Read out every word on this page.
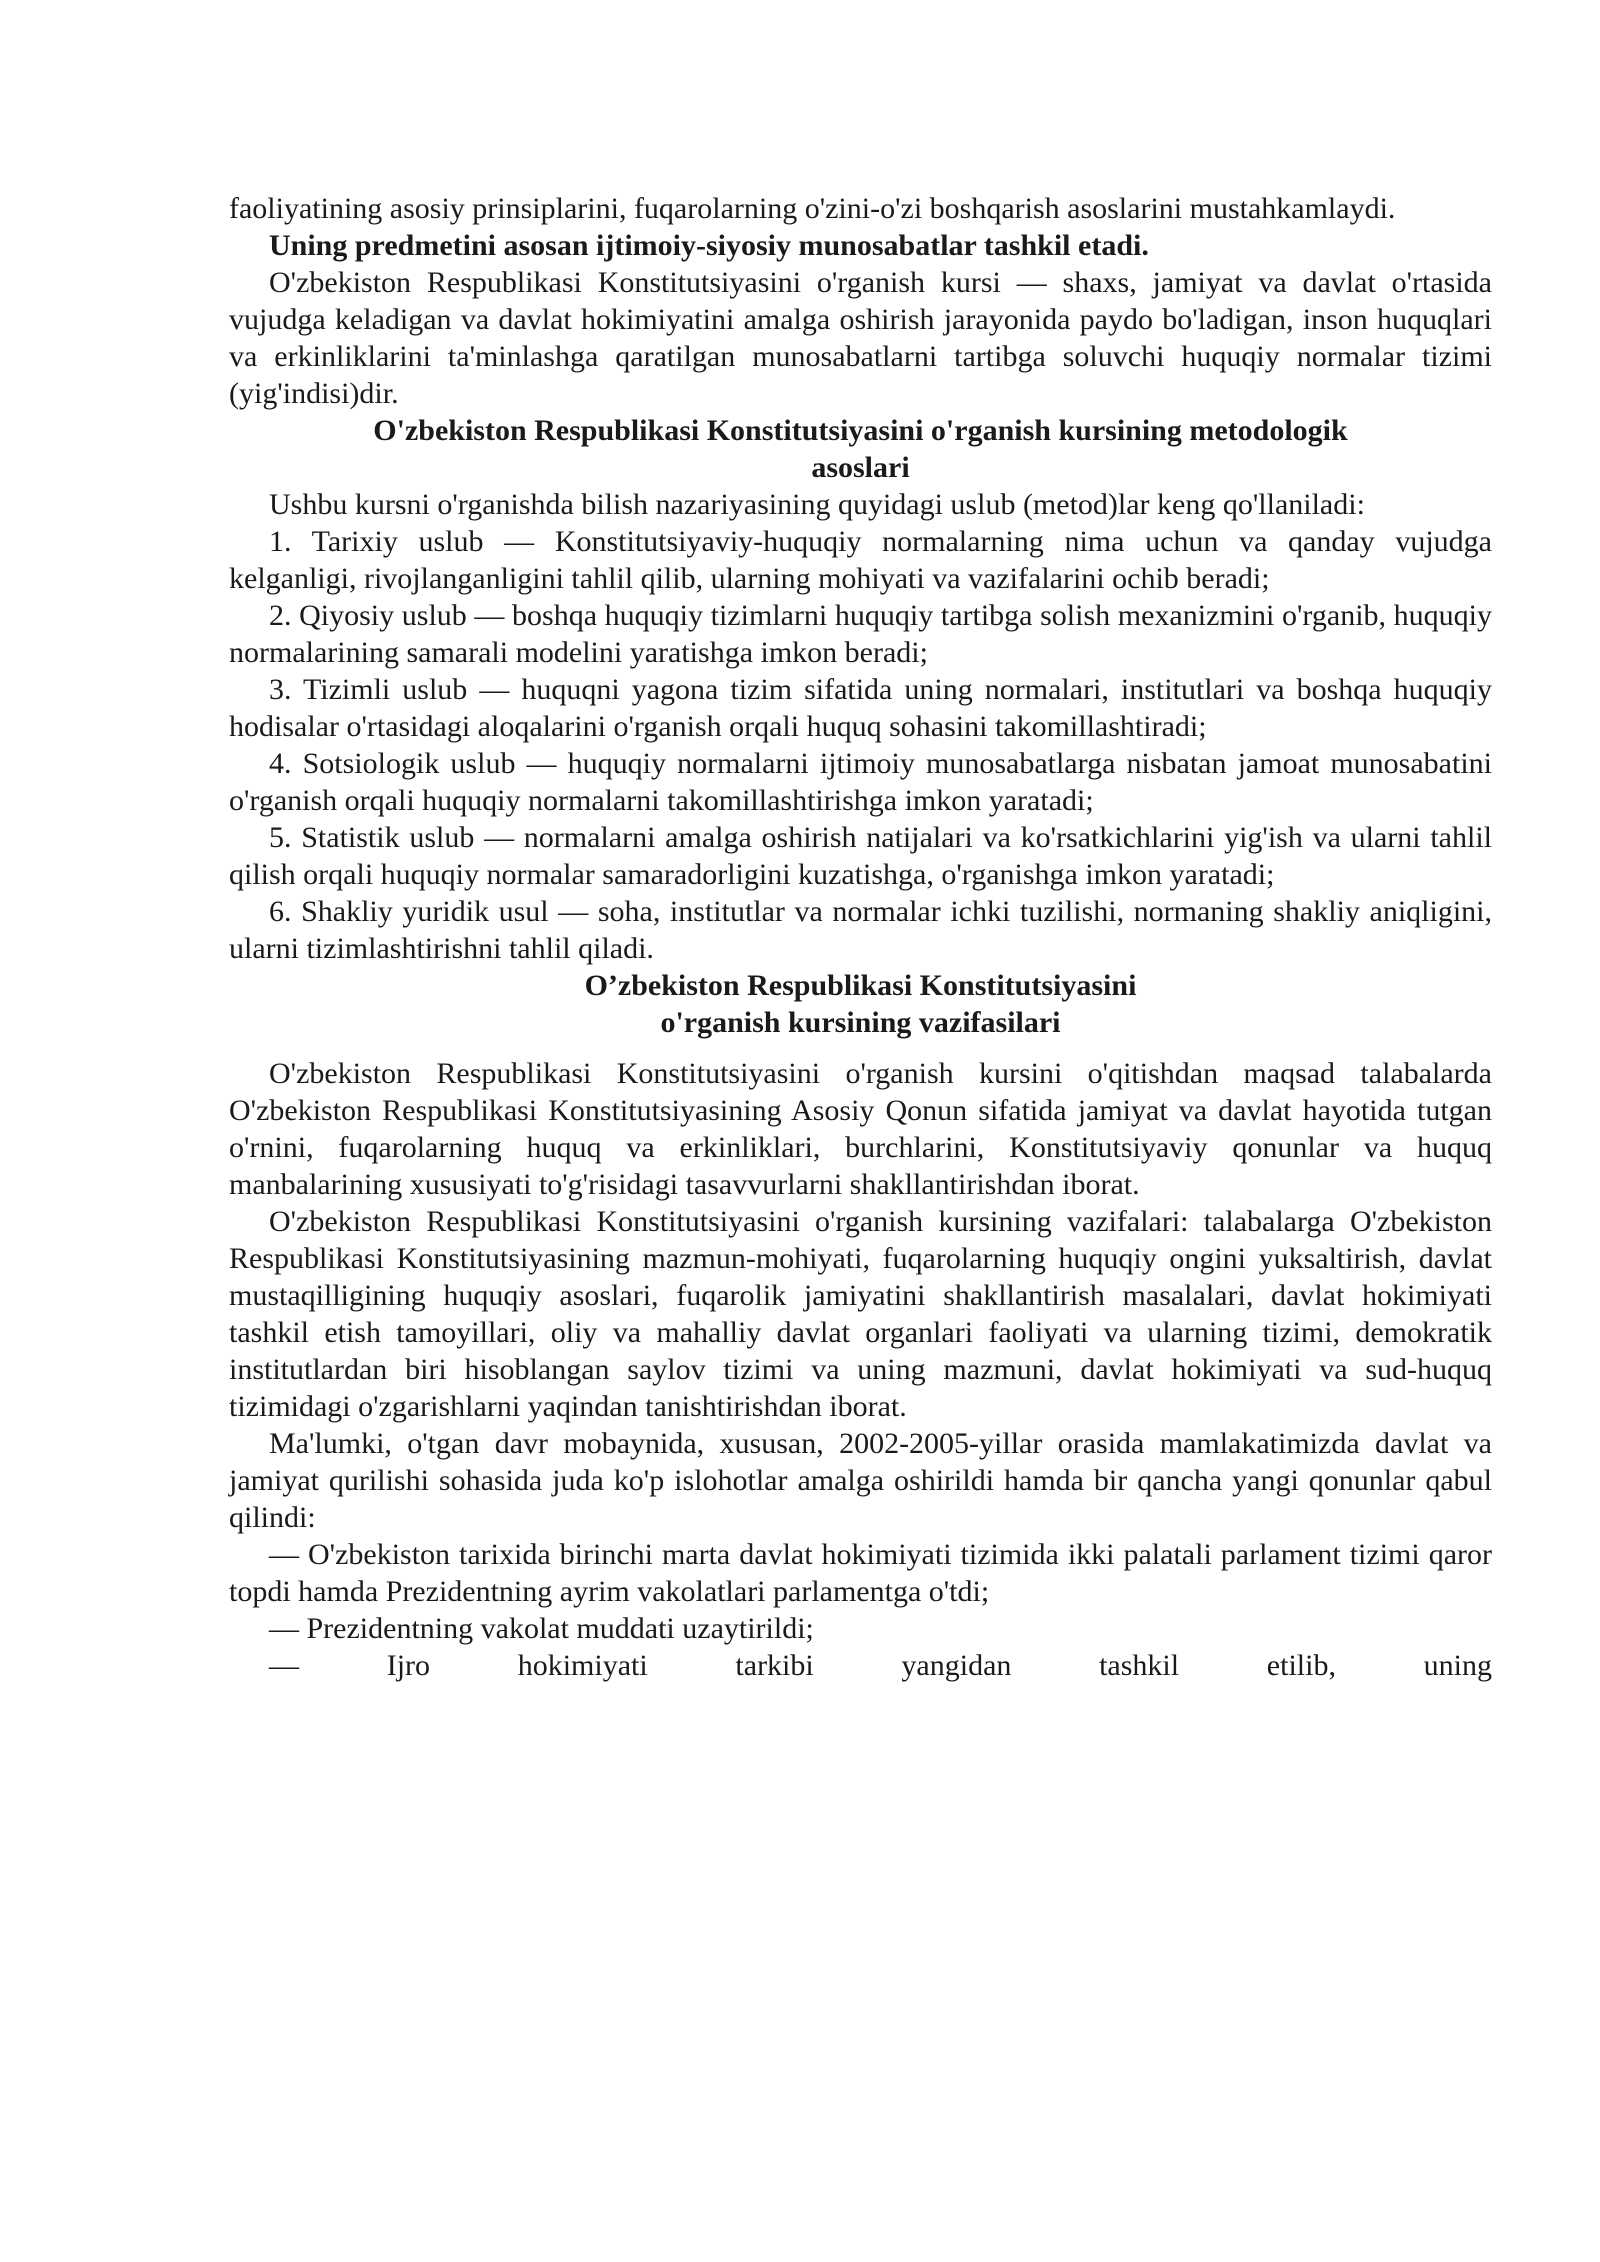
faoliyatining asosiy prinsiplarini, fuqarolarning o'zini-o'zi boshqarish asoslarini mustahkamlaydi.

Uning predmetini asosan ijtimoiy-siyosiy munosabatlar tashkil etadi.

O'zbekiston Respublikasi Konstitutsiyasini o'rganish kursi — shaxs, jamiyat va davlat o'rtasida vujudga keladigan va davlat hokimiyatini amalga oshirish jarayonida paydo bo'ladigan, inson huquqlari va erkinliklarini ta'minlashga qaratilgan munosabatlarni tartibga soluvchi huquqiy normalar tizimi (yig'indisi)dir.

O'zbekiston Respublikasi Konstitutsiyasini o'rganish kursining metodologik
asoslari

Ushbu kursni o'rganishda bilish nazariyasining quyidagi uslub (metod)lar keng qo'llaniladi:

1. Tarixiy uslub — Konstitutsiyaviy-huquqiy normalarning nima uchun va qanday vujudga kelganligi, rivojlanganligini tahlil qilib, ularning mohiyati va vazifalarini ochib beradi;

2. Qiyosiy uslub — boshqa huquqiy tizimlarni huquqiy tartibga solish mexanizmini o'rganib, huquqiy normalarining samarali modelini yaratishga imkon beradi;

3. Tizimli uslub — huquqni yagona tizim sifatida uning normalari, institutlari va boshqa huquqiy hodisalar o'rtasidagi aloqalarini o'rganish orqali huquq sohasini takomillashtiradi;

4. Sotsiologik uslub — huquqiy normalarni ijtimoiy munosabatlarga nisbatan jamoat munosabatini o'rganish orqali huquqiy normalarni takomillashtirishga imkon yaratadi;

5. Statistik uslub — normalarni amalga oshirish natijalari va ko'rsatkichlarini yig'ish va ularni tahlil qilish orqali huquqiy normalar samaradorligini kuzatishga, o'rganishga imkon yaratadi;

6. Shakliy yuridik usul — soha, institutlar va normalar ichki tuzilishi, normaning shakliy aniqligini, ularni tizimlashtirishni tahlil qiladi.

O’zbekiston Respublikasi Konstitutsiyasini
o'rganish kursining vazifasilari

O'zbekiston Respublikasi Konstitutsiyasini o'rganish kursini o'qitishdan maqsad talabalarda O'zbekiston Respublikasi Konstitutsiyasining Asosiy Qonun sifatida jamiyat va davlat hayotida tutgan o'rnini, fuqarolarning huquq va erkinliklari, burchlarini, Konstitutsiyaviy qonunlar va huquq manbalarining xususiyati to'g'risidagi tasavvurlarni shakllantirishdan iborat.

O'zbekiston Respublikasi Konstitutsiyasini o'rganish kursining vazifalari: talabalarga O'zbekiston Respublikasi Konstitutsiyasining mazmun-mohiyati, fuqarolarning huquqiy ongini yuksaltirish, davlat mustaqilligining huquqiy asoslari, fuqarolik jamiyatini shakllantirish masalalari, davlat hokimiyati tashkil etish tamoyillari, oliy va mahalliy davlat organlari faoliyati va ularning tizimi, demokratik institutlardan biri hisoblangan saylov tizimi va uning mazmuni, davlat hokimiyati va sud-huquq tizimidagi o'zgarishlarni yaqindan tanishtirishdan iborat.

Ma'lumki, o'tgan davr mobaynida, xususan, 2002-2005-yillar orasida mamlakatimizda davlat va jamiyat qurilishi sohasida juda ko'p islohotlar amalga oshirildi hamda bir qancha yangi qonunlar qabul qilindi:

— O'zbekiston tarixida birinchi marta davlat hokimiyati tizimida ikki palatali parlament tizimi qaror topdi hamda Prezidentning ayrim vakolatlari parlamentga o'tdi;

— Prezidentning vakolat muddati uzaytirildi;

— Ijro hokimiyati tarkibi yangidan tashkil etilib, uning
